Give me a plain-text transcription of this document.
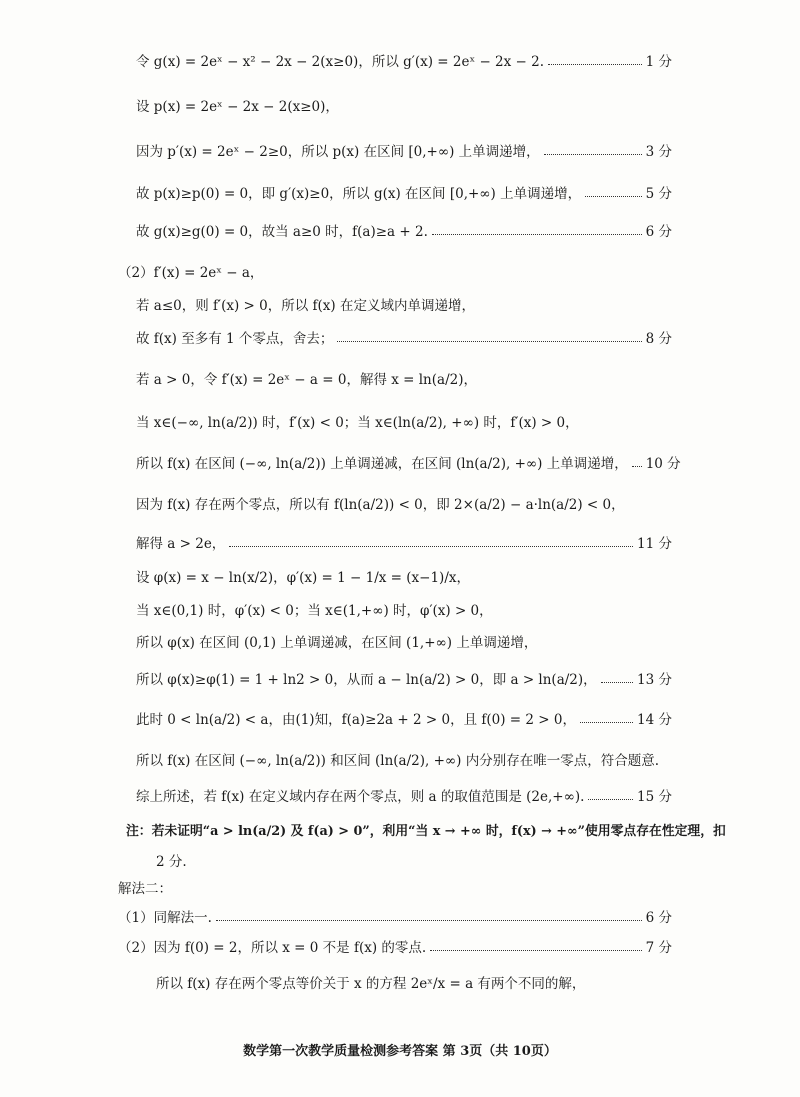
令 g(x) = 2eˣ − x² − 2x − 2(x≥0)，所以 g′(x) = 2eˣ − 2x − 2.	1 分
设 p(x) = 2eˣ − 2x − 2(x≥0)，
因为 p′(x) = 2eˣ − 2≥0，所以 p(x) 在区间 [0,+∞) 上单调递增，	3 分
故 p(x)≥p(0) = 0，即 g′(x)≥0，所以 g(x) 在区间 [0,+∞) 上单调递增，	5 分
故 g(x)≥g(0) = 0，故当 a≥0 时，f(a)≥a + 2.	6 分
（2）f′(x) = 2eˣ − a，
若 a≤0，则 f′(x) > 0，所以 f(x) 在定义域内单调递增，
故 f(x) 至多有 1 个零点，舍去；	8 分
若 a > 0，令 f′(x) = 2eˣ − a = 0，解得 x = ln(a/2)，
当 x∈(−∞, ln(a/2)) 时，f′(x) < 0；当 x∈(ln(a/2), +∞) 时，f′(x) > 0，
所以 f(x) 在区间 (−∞, ln(a/2)) 上单调递减，在区间 (ln(a/2), +∞) 上单调递增， 10 分
因为 f(x) 存在两个零点，所以有 f(ln(a/2)) < 0，即 2×(a/2) − a·ln(a/2) < 0，
解得 a > 2e，	11 分
设 φ(x) = x − ln(x/2)，φ′(x) = 1 − 1/x = (x−1)/x，
当 x∈(0,1) 时，φ′(x) < 0；当 x∈(1,+∞) 时，φ′(x) > 0，
所以 φ(x) 在区间 (0,1) 上单调递减，在区间 (1,+∞) 上单调递增，
所以 φ(x)≥φ(1) = 1 + ln2 > 0，从而 a − ln(a/2) > 0，即 a > ln(a/2)，	13 分
此时 0 < ln(a/2) < a，由(1)知，f(a)≥2a + 2 > 0，且 f(0) = 2 > 0，	14 分
所以 f(x) 在区间 (−∞, ln(a/2)) 和区间 (ln(a/2), +∞) 内分别存在唯一零点，符合题意.
综上所述，若 f(x) 在定义域内存在两个零点，则 a 的取值范围是 (2e,+∞).	15 分
注：若未证明“a > ln(a/2) 及 f(a) > 0”，利用“当 x → +∞ 时，f(x) → +∞”使用零点存在性定理，扣
2 分.
解法二：
（1）同解法一.	6 分
（2）因为 f(0) = 2，所以 x = 0 不是 f(x) 的零点.	7 分
所以 f(x) 存在两个零点等价关于 x 的方程 2eˣ/x = a 有两个不同的解，
数学第一次教学质量检测参考答案 第 3页（共 10页）
